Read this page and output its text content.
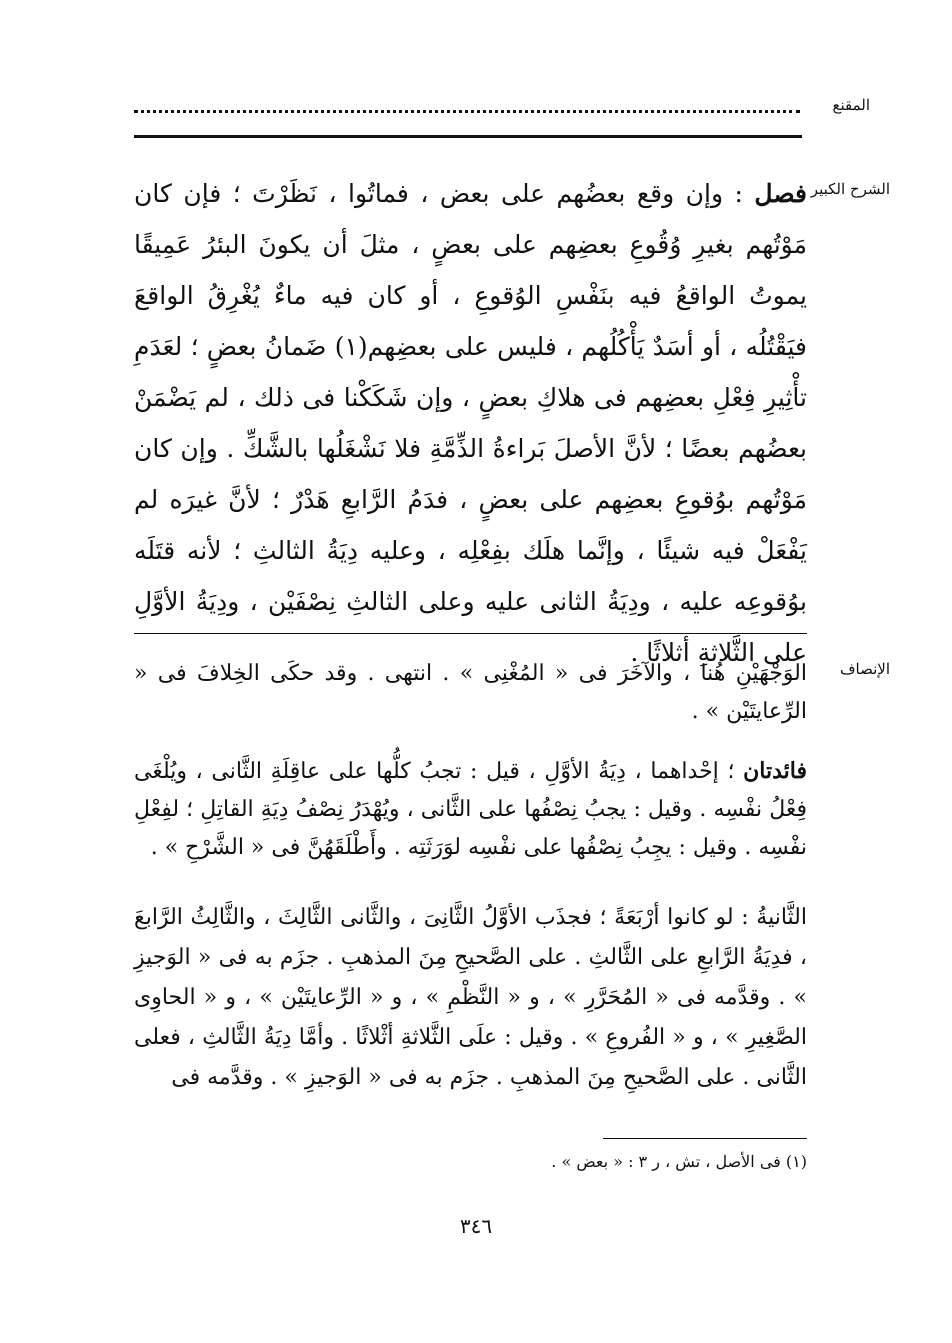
المقنع
الشرح الكبير

فصل : وإن وقع بعضُهم على بعض ، فماتُوا ، نَظَرْتَ ؛ فإن كان مَوْتُهم بغيرِ وُقُوعِ بعضِهم على بعضٍ ، مثلَ أن يكونَ البئرُ عَمِيقًا يموتُ الواقعُ فيه بنَفْسِ الوُقوعِ ، أو كان فيه ماءٌ يُغْرِقُ الواقعَ فيَقْتُلُه ، أو أسَدٌ يَأْكُلُهم ، فليس على بعضِهم(١) ضَمانُ بعضٍ ؛ لعَدَمِ تأْثِيرِ فِعْلِ بعضِهم فى هلاكِ بعضٍ ، وإن شَكَكْنا فى ذلك ، لم يَضْمَنْ بعضُهم بعضًا ؛ لأنَّ الأصلَ بَراءةُ الذِّمَّةِ فلا نَشْغَلُها بالشَّكِّ . وإن كان مَوْتُهم بوُقوعِ بعضِهم على بعضٍ ، فدَمُ الرَّابعِ هَدْرٌ ؛ لأنَّ غيرَه لم يَفْعَلْ فيه شيئًا ، وإنَّما هلَك بفِعْلِه ، وعليه دِيَةُ الثالثِ ؛ لأنه قتَلَه بوُقوعِه عليه ، ودِيَةُ الثانى عليه وعلى الثالثِ نِصْفَيْن ، ودِيَةُ الأوَّلِ على الثَّلاثةِ أثلاثًا .

الإنصاف

الوَجْهَيْنِ هُنا ، والآخَرَ فى « المُغْنِى » . انتهى . وقد حكَى الخِلافَ فى « الرِّعايتَيْن » .

فائدتان ؛ إحْداهما ، دِيَةُ الأوَّلِ ، قيل : تجبُ كلُّها على عاقِلَةِ الثَّانى ، ويُلْغَى فِعْلُ نفْسِه . وقيل : يجبُ نِصْفُها على الثَّانى ، ويُهْدَرُ نِصْفُ دِيَةِ القاتِلِ ؛ لفِعْلِ نفْسِه . وقيل : يجِبُ نِصْفُها على نفْسِه لوَرَثَتِه . وأَطْلَقَهُنَّ فى « الشَّرْحِ » .

الثَّانيةُ : لو كانوا أرْبَعَةً ؛ فجذَب الأوَّلُ الثَّانِىَ ، والثَّانى الثَّالِثَ ، والثَّالِثُ الرَّابعَ ، فدِيَةُ الرَّابعِ على الثَّالثِ . على الصَّحيحِ مِنَ المذهبِ . جزَم به فى « الوَجيزِ » . وقدَّمه فى « المُحَرَّرِ » ، و « النَّظْمِ » ، و « الرِّعايتَيْن » ، و « الحاوِى الصَّغِيرِ » ، و « الفُروعِ » . وقيل : علَى الثَّلاثةِ أثْلاثًا . وأمَّا دِيَةُ الثَّالثِ ، فعلى الثَّانى . على الصَّحيحِ مِنَ المذهبِ . جزَم به فى « الوَجيزِ » . وقدَّمه فى

(١) فى الأصل ، تش ، ر ٣ : « بعض » .
٣٤٦
